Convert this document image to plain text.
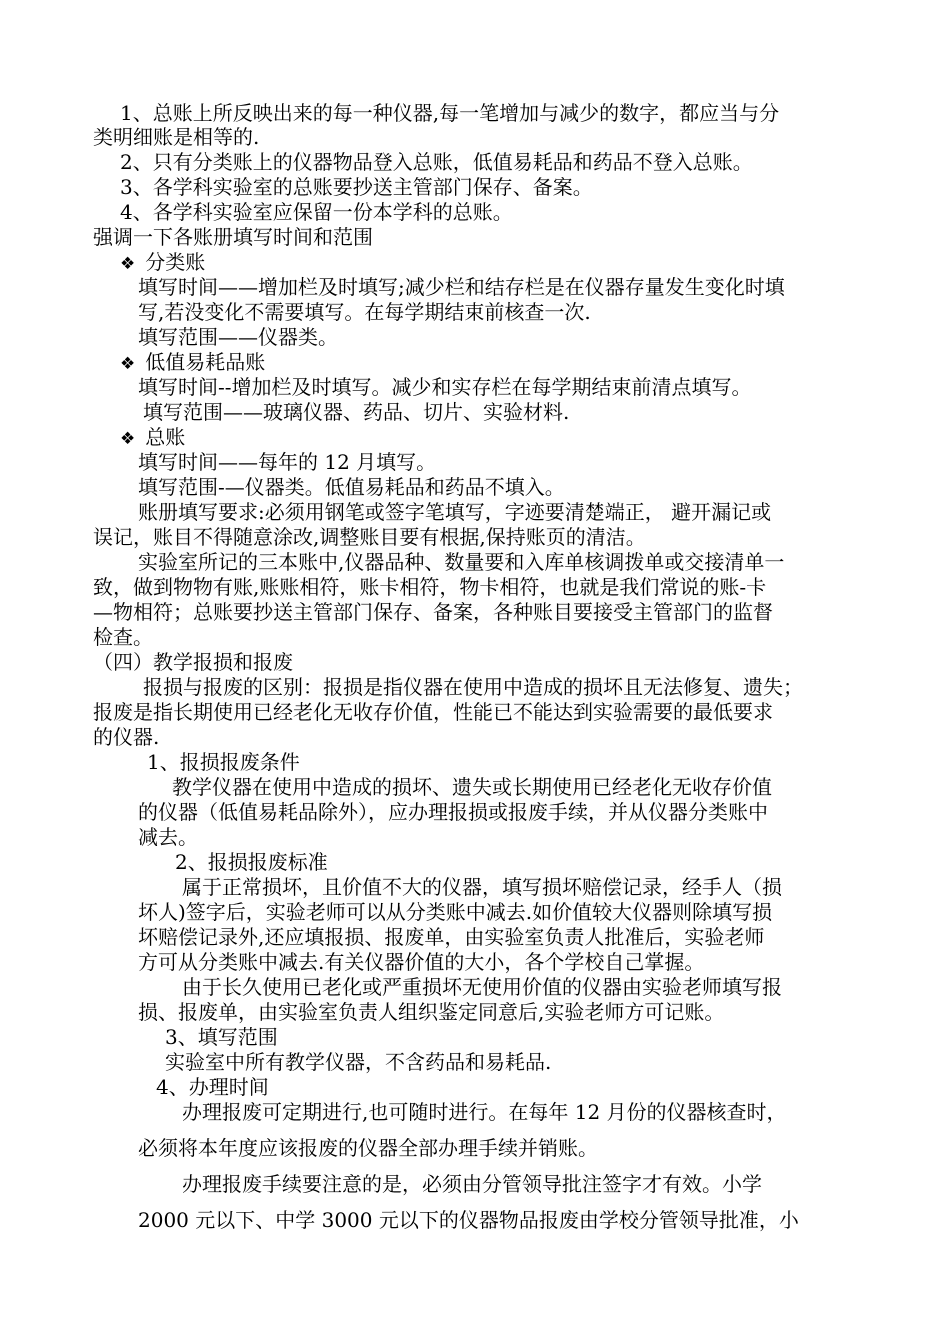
1、总账上所反映出来的每一种仪器,每一笔增加与减少的数字，都应当与分
类明细账是相等的.
2、只有分类账上的仪器物品登入总账，低值易耗品和药品不登入总账。
3、各学科实验室的总账要抄送主管部门保存、备案。
4、各学科实验室应保留一份本学科的总账。
强调一下各账册填写时间和范围
❖ 分类账
填写时间——增加栏及时填写;减少栏和结存栏是在仪器存量发生变化时填
写,若没变化不需要填写。在每学期结束前核查一次.
填写范围——仪器类。
❖ 低值易耗品账
填写时间--增加栏及时填写。减少和实存栏在每学期结束前清点填写。
填写范围——玻璃仪器、药品、切片、实验材料.
❖ 总账
填写时间——每年的 12 月填写。
填写范围-—仪器类。低值易耗品和药品不填入。
账册填写要求:必须用钢笔或签字笔填写，字迹要清楚端正， 避开漏记或
误记，账目不得随意涂改,调整账目要有根据,保持账页的清洁。
实验室所记的三本账中,仪器品种、数量要和入库单核调拨单或交接清单一
致，做到物物有账,账账相符，账卡相符，物卡相符，也就是我们常说的账-卡
—物相符；总账要抄送主管部门保存、备案，各种账目要接受主管部门的监督
检查。
（四）教学报损和报废
报损与报废的区别：报损是指仪器在使用中造成的损坏且无法修复、遗失；
报废是指长期使用已经老化无收存价值，性能已不能达到实验需要的最低要求
的仪器.
1、报损报废条件
教学仪器在使用中造成的损坏、遗失或长期使用已经老化无收存价值
的仪器（低值易耗品除外），应办理报损或报废手续，并从仪器分类账中
减去。
2、报损报废标准
属于正常损坏，且价值不大的仪器，填写损坏赔偿记录，经手人（损
坏人)签字后，实验老师可以从分类账中减去.如价值较大仪器则除填写损
坏赔偿记录外,还应填报损、报废单，由实验室负责人批准后，实验老师
方可从分类账中减去.有关仪器价值的大小，各个学校自己掌握。
由于长久使用已老化或严重损坏无使用价值的仪器由实验老师填写报
损、报废单，由实验室负责人组织鉴定同意后,实验老师方可记账。
3、填写范围
实验室中所有教学仪器，不含药品和易耗品.
4、办理时间
办理报废可定期进行,也可随时进行。在每年 12 月份的仪器核查时，
必须将本年度应该报废的仪器全部办理手续并销账。
办理报废手续要注意的是，必须由分管领导批注签字才有效。小学
2000 元以下、中学 3000 元以下的仪器物品报废由学校分管领导批准，小
